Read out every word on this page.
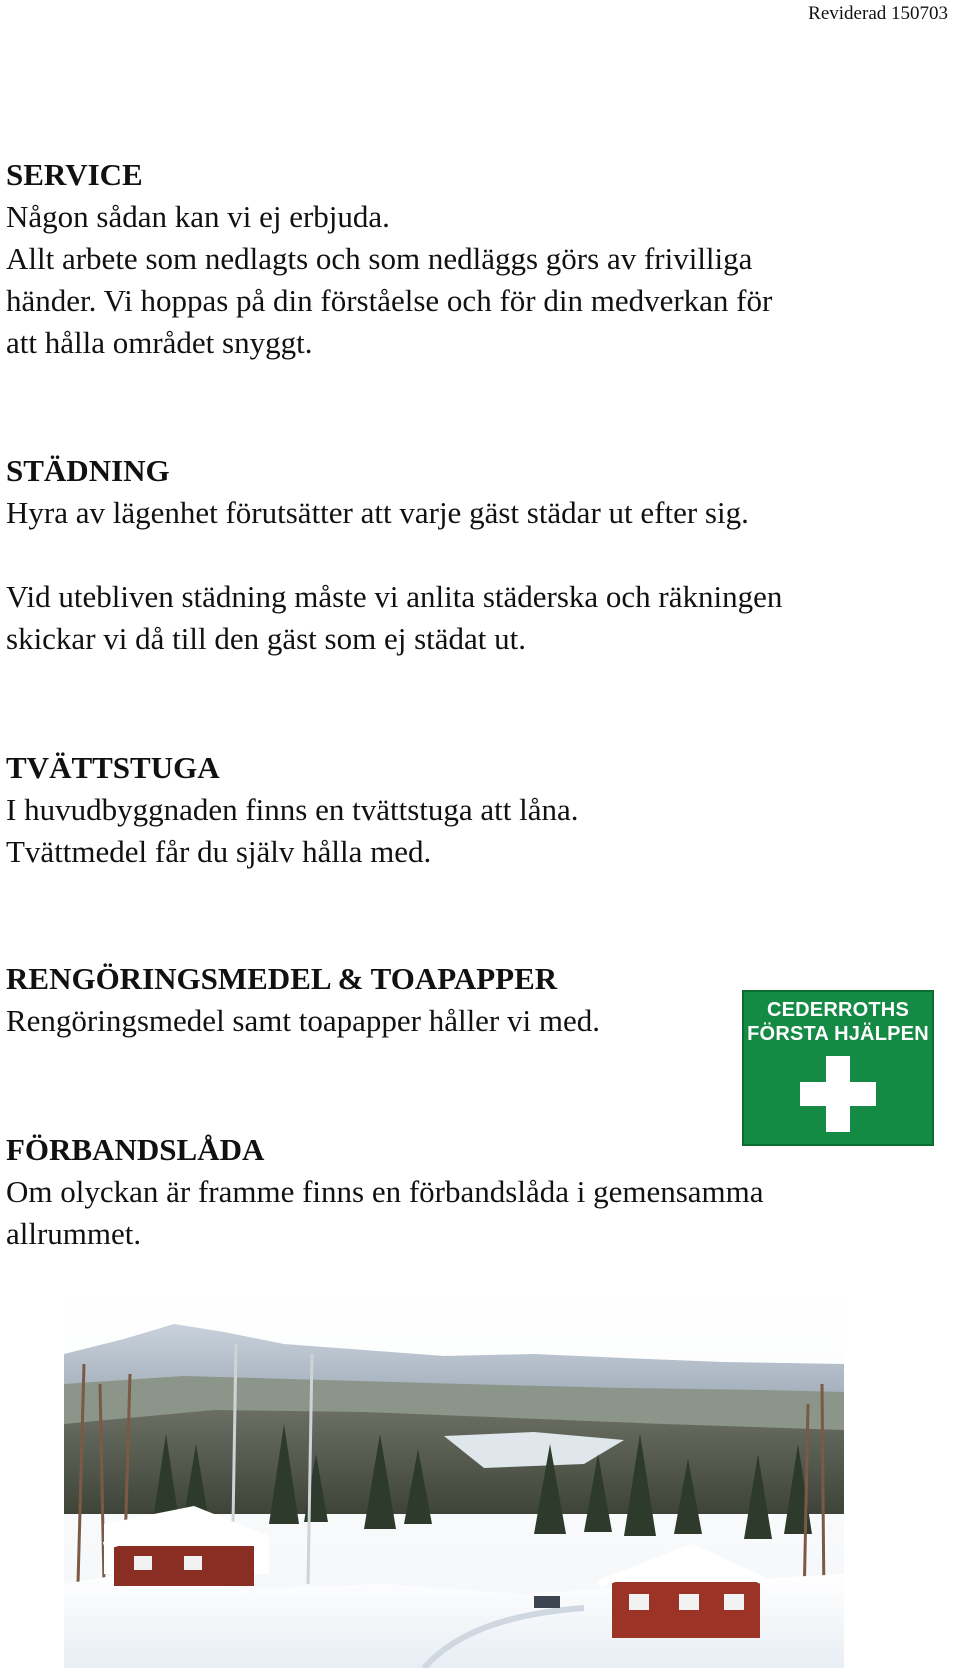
Reviderad 150703
SERVICE

Någon sådan kan vi ej erbjuda.

Allt arbete som nedlagts och som nedläggs görs av frivilliga

händer. Vi hoppas på din förståelse och för din medverkan för

att hålla området snyggt.

STÄDNING

Hyra av lägenhet förutsätter att varje gäst städar ut efter sig.

Vid utebliven städning måste vi anlita städerska och räkningen

skickar vi då till den gäst som ej städat ut.

TVÄTTSTUGA

I huvudbyggnaden finns en tvättstuga att låna.

Tvättmedel får du själv hålla med.

RENGÖRINGSMEDEL & TOAPAPPER

Rengöringsmedel samt toapapper håller vi med.

FÖRBANDSLÅDA

Om olyckan är framme finns en förbandslåda i gemensamma

allrummet.

CEDERROTHS
FÖRSTA HJÄLPEN
